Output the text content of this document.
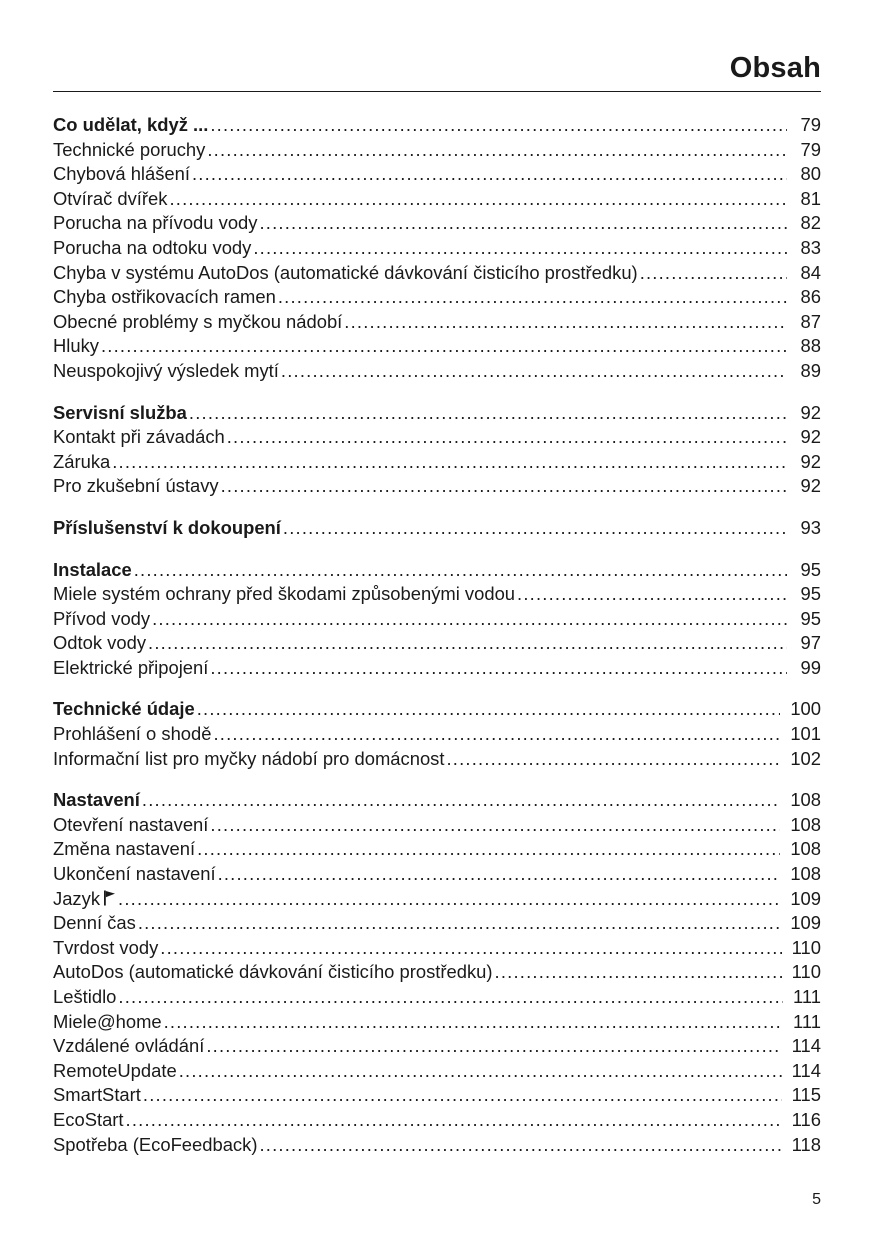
Obsah
Co udělat, když ... .....	79
Technické poruchy .....	79
Chybová hlášení .....	80
Otvírač dvířek .....	81
Porucha na přívodu vody .....	82
Porucha na odtoku vody .....	83
Chyba v systému AutoDos (automatické dávkování čisticího prostředku) .....	84
Chyba ostřikovacích ramen .....	86
Obecné problémy s myčkou nádobí .....	87
Hluky .....	88
Neuspokojivý výsledek mytí .....	89
Servisní služba .....	92
Kontakt při závadách .....	92
Záruka .....	92
Pro zkušební ústavy .....	92
Příslušenství k dokoupení .....	93
Instalace .....	95
Miele systém ochrany před škodami způsobenými vodou .....	95
Přívod vody .....	95
Odtok vody .....	97
Elektrické připojení .....	99
Technické údaje .....	100
Prohlášení o shodě .....	101
Informační list pro myčky nádobí pro domácnost .....	102
Nastavení .....	108
Otevření nastavení .....	108
Změna nastavení .....	108
Ukončení nastavení .....	108
Jazyk .....	109
Denní čas .....	109
Tvrdost vody .....	110
AutoDos (automatické dávkování čisticího prostředku) .....	110
Leštidlo .....	111
Miele@home .....	111
Vzdálené ovládání .....	114
RemoteUpdate .....	114
SmartStart .....	115
EcoStart .....	116
Spotřeba (EcoFeedback) .....	118
5
